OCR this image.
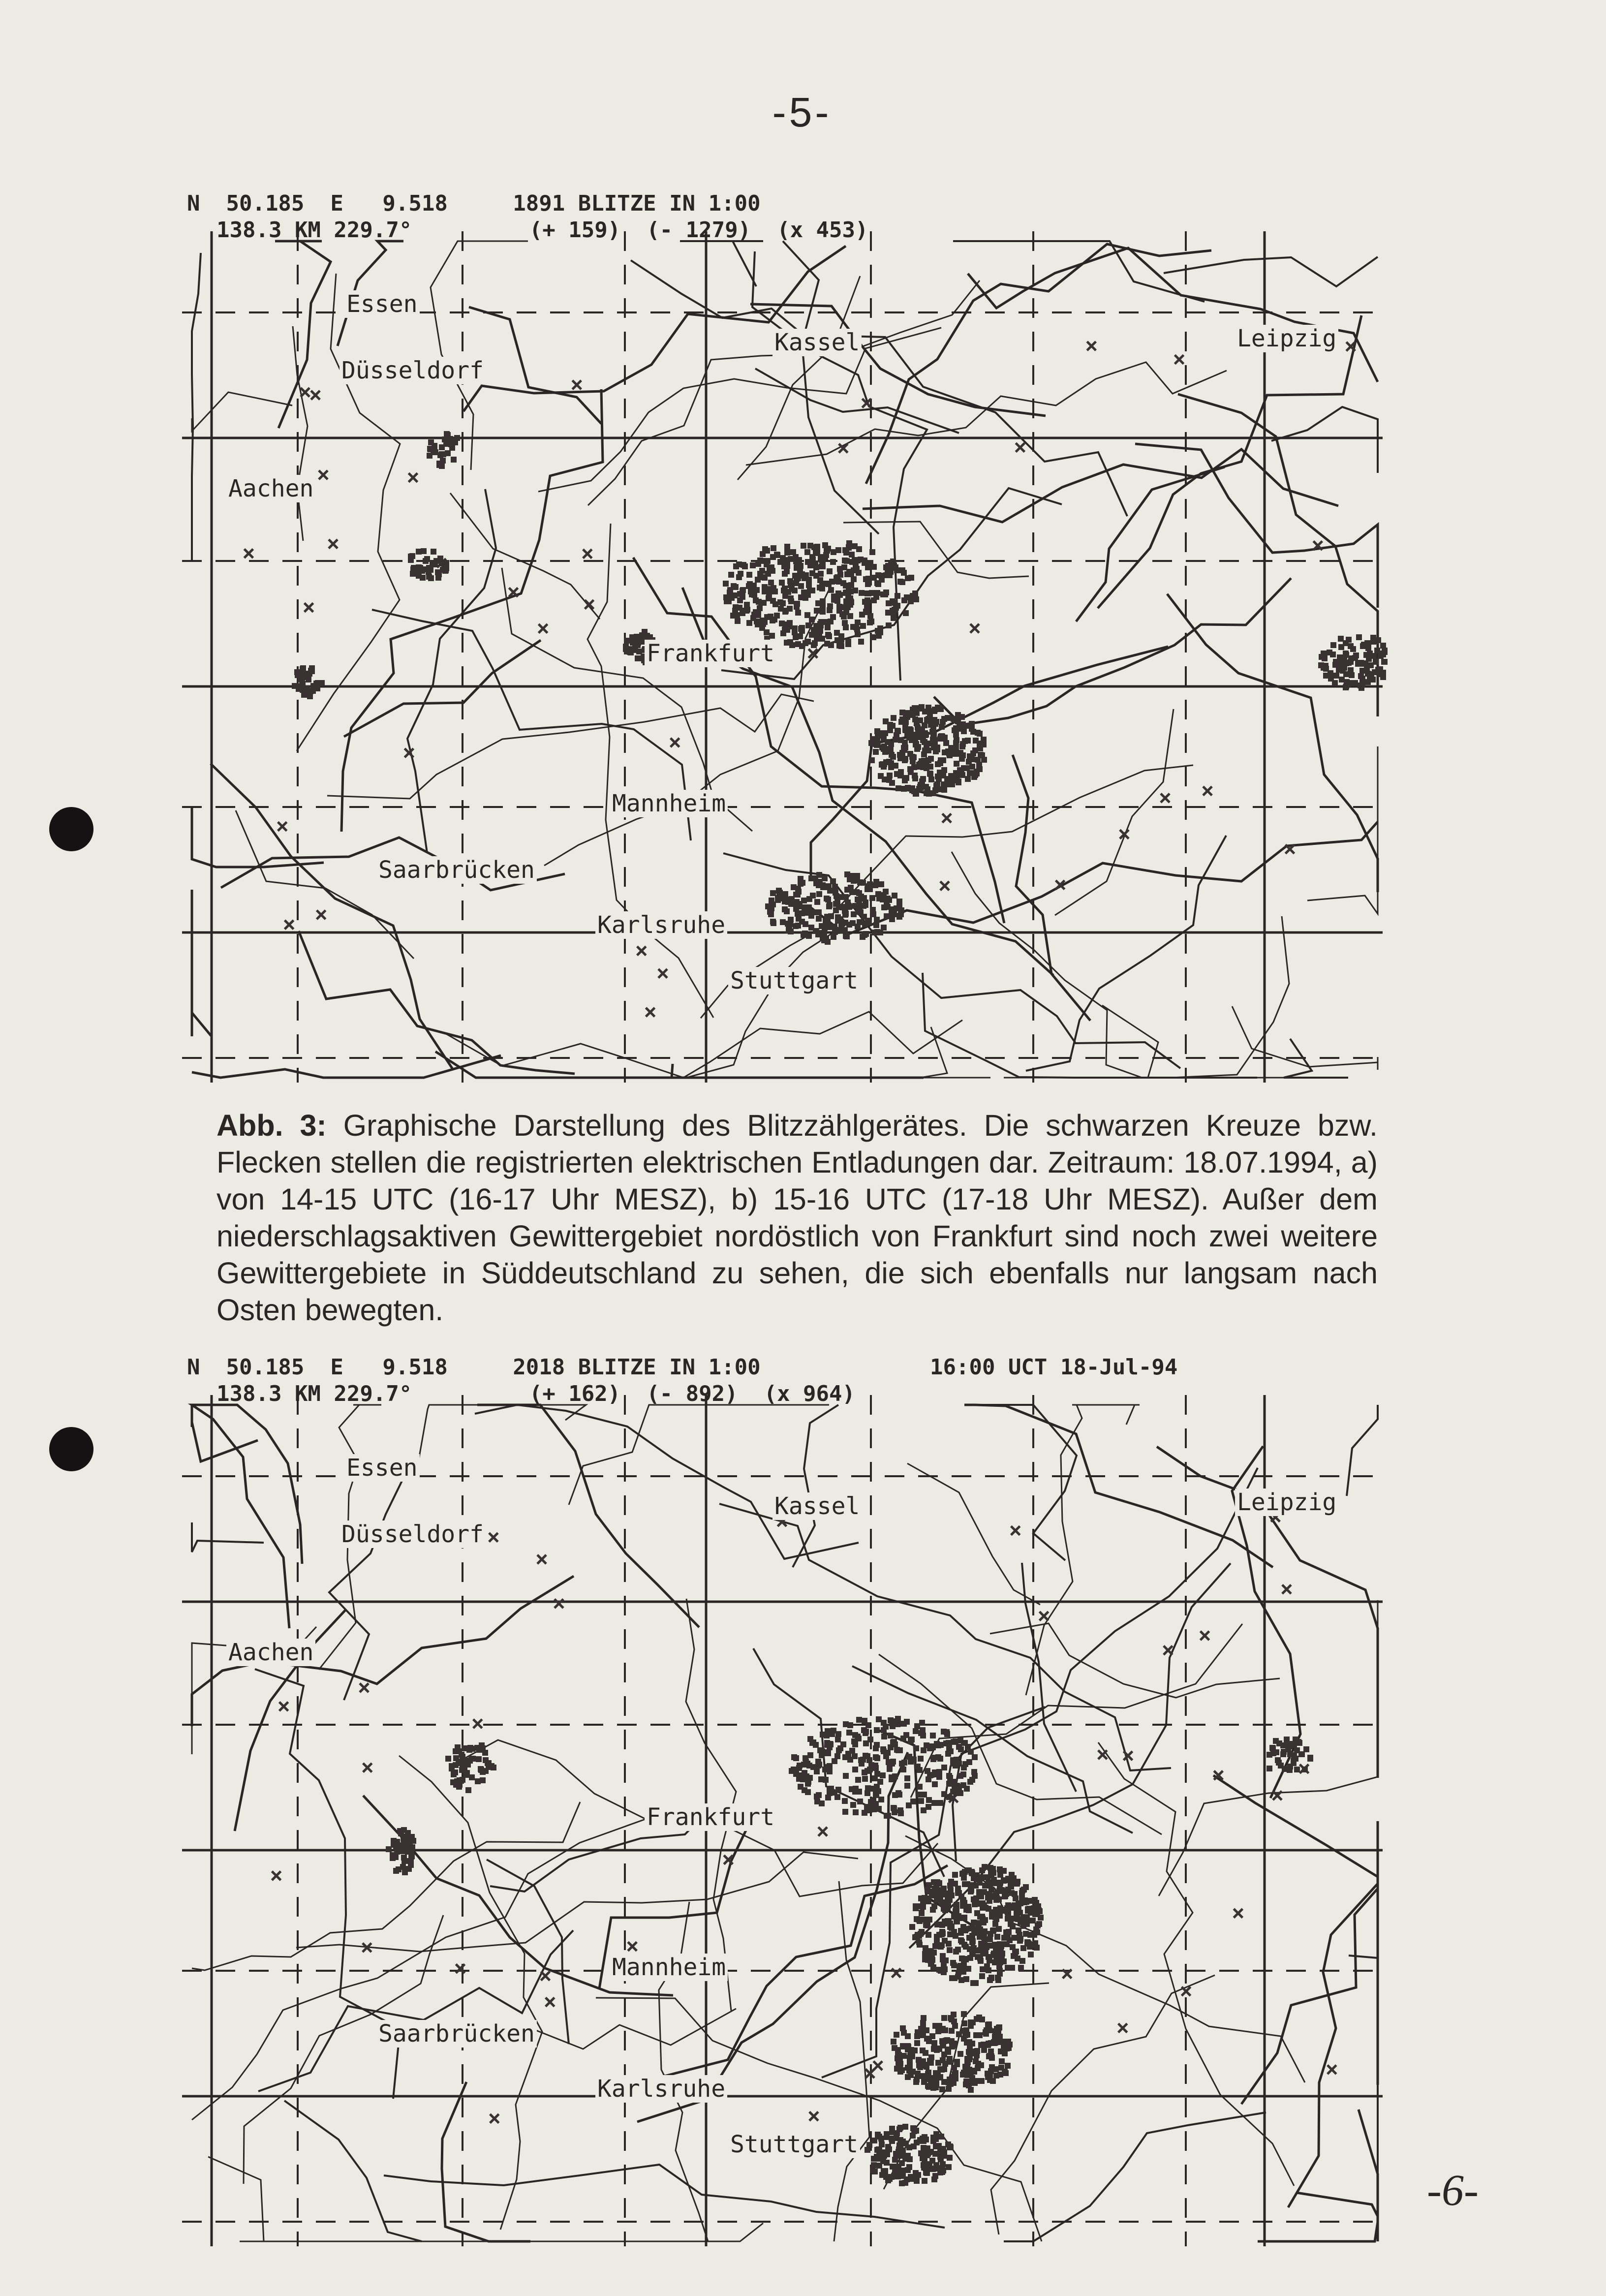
-5-
N  50.185  E   9.518     1891 BLITZE IN 1:00
138.3 KM 229.7°         (+ 159)  (- 1279)  (x 453)
Essen
Düsseldorf
Kassel	Leipzig
Aachen
Frankfurt
Mannheim
Saarbrücken
Karlsruhe
Stuttgart

Abb. 3: Graphische Darstellung des Blitzzählgerätes. Die schwarzen Kreuze bzw. Flecken stellen die registrierten elektrischen Entladungen dar. Zeitraum: 18.07.1994, a) von 14-15 UTC (16-17 Uhr MESZ), b) 15-16 UTC (17-18 Uhr MESZ). Außer dem niederschlagsaktiven Gewittergebiet nordöstlich von Frankfurt sind noch zwei weitere Gewittergebiete in Süddeutschland zu sehen, die sich ebenfalls nur langsam nach Osten bewegten.

N  50.185  E   9.518     2018 BLITZE IN 1:00
138.3 KM 229.7°         (+ 162)  (- 892)  (x 964)
16:00 UCT 18-Jul-94
Essen
Düsseldorf
Kassel	Leipzig
Aachen
Frankfurt
Mannheim
Saarbrücken
Karlsruhe
Stuttgart
-6-
